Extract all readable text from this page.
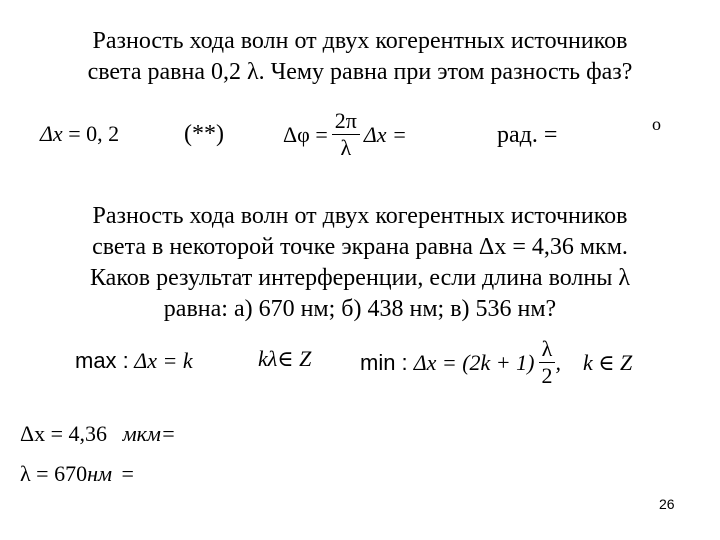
Разность хода волн от двух когерентных источников
света равна 0,2 λ. Чему равна при этом разность фаз?
Δx = 0, 2	(**)	$\Delta\varphi = \frac{2\pi}{\lambda}$ Δx =	рад. =	o
Разность хода волн от двух когерентных источников
света в некоторой точке экрана равна Δx = 4,36 мкм.
Каков результат интерференции, если длина волны λ
равна: а) 670 нм; б) 438 нм; в) 536 нм?
max : Δx = k	kλ∈ Z min : $\Delta x = (2k + 1) \frac{\lambda}{2}$ ,    k ∈ Z
Δx = 4,36 мкм=
λ = 670нм =
26
